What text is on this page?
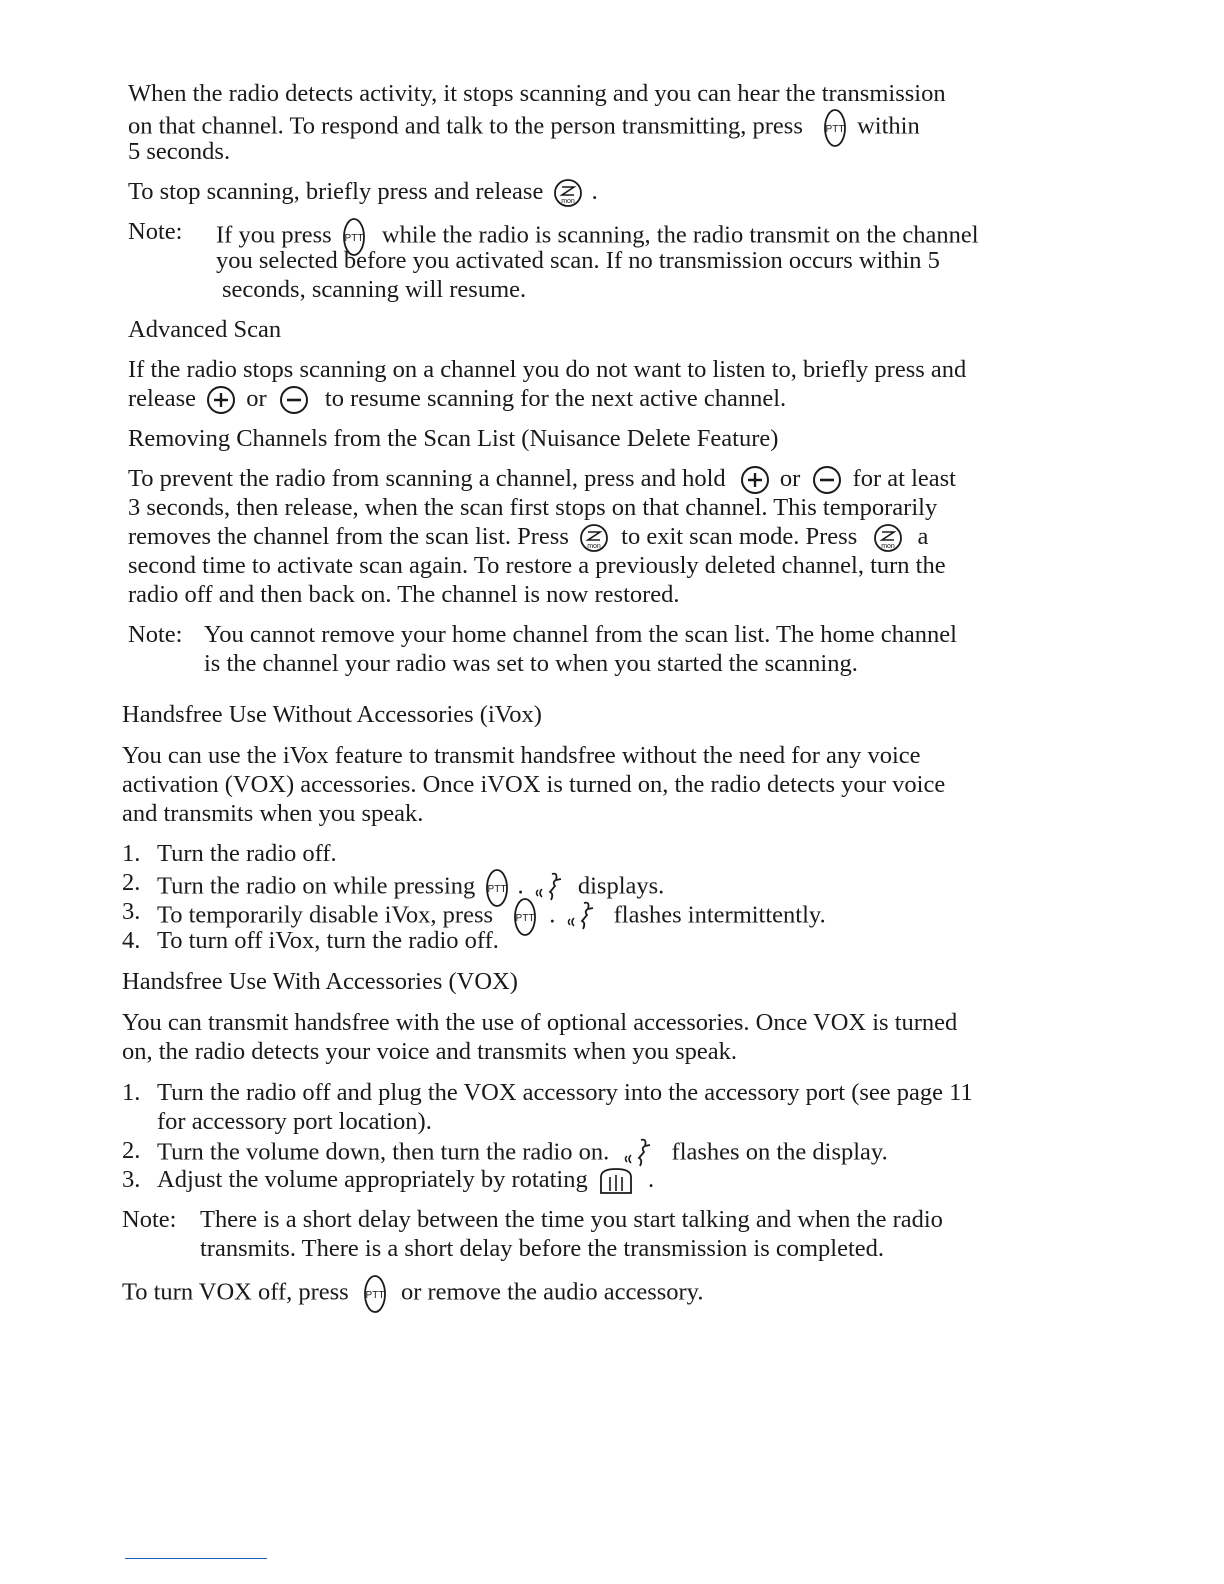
When the radio detects activity, it stops scanning and you can hear the transmission
on that channel. To respond and talk to the person transmitting, press PTT within
5 seconds.
To stop scanning, briefly press and release	mon .
Note: If you press PTT while the radio is scanning, the radio transmit on the channel
you selected before you activated scan. If no transmission occurs within 5
seconds, scanning will resume.
Advanced Scan
If the radio stops scanning on a channel you do not want to listen to, briefly press and
release or to resume scanning for the next active channel.
Removing Channels from the Scan List (Nuisance Delete Feature)
To prevent the radio from scanning a channel, press and hold or for at least
3 seconds, then release, when the scan first stops on that channel. This temporarily
removes the channel from the scan list. Press	mon to exit scan mode. Press	mon a
second time to activate scan again. To restore a previously deleted channel, turn the
radio off and then back on. The channel is now restored.
Note: You cannot remove your home channel from the scan list. The home channel
is the channel your radio was set to when you started the scanning.
Handsfree Use Without Accessories (iVox)
You can use the iVox feature to transmit handsfree without the need for any voice
activation (VOX) accessories. Once iVOX is turned on, the radio detects your voice
and transmits when you speak.
1. Turn the radio off.
2. Turn the radio on while pressing PTT . displays.
3. To temporarily disable iVox, press PTT . flashes intermittently.
4. To turn off iVox, turn the radio off.
Handsfree Use With Accessories (VOX)
You can transmit handsfree with the use of optional accessories. Once VOX is turned
on, the radio detects your voice and transmits when you speak.
1. Turn the radio off and plug the VOX accessory into the accessory port (see page 11
for accessory port location).
2. Turn the volume down, then turn the radio on.	flashes on the display.
3. Adjust the volume appropriately by rotating .
Note: There is a short delay between the time you start talking and when the radio
transmits. There is a short delay before the transmission is completed.
To turn VOX off, press PTT or remove the audio accessory.
